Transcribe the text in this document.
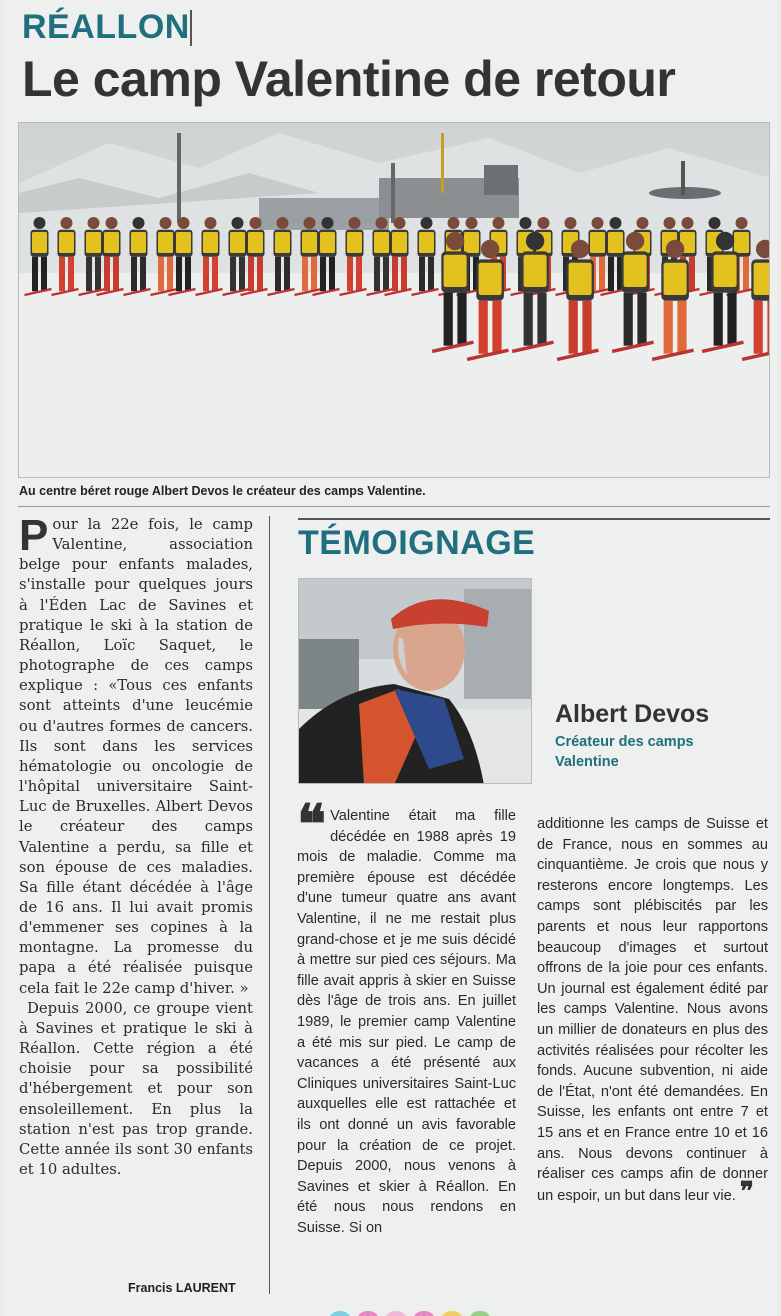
RÉALLON
Le camp Valentine de retour
Au centre béret rouge Albert Devos le créateur des camps Valentine.

Pour la 22e fois, le camp Valentine, association belge pour enfants malades, s'installe pour quelques jours à l'Éden Lac de Savines et pratique le ski à la station de Réallon, Loïc Saquet, le photographe de ces camps explique : «Tous ces enfants sont atteints d'une leucémie ou d'autres formes de cancers. Ils sont dans les services hématologie ou oncologie de l'hôpital universitaire Saint-Luc de Bruxelles. Albert Devos le créateur des camps Valentine a perdu, sa fille et son épouse de ces maladies. Sa fille étant décédée à l'âge de 16 ans. Il lui avait promis d'emmener ses copines à la montagne. La promesse du papa a été réalisée puisque cela fait le 22e camp d'hiver. »

Depuis 2000, ce groupe vient à Savines et pratique le ski à Réallon. Cette région a été choisie pour sa possibilité d'hébergement et pour son ensoleillement. En plus la station n'est pas trop grande. Cette année ils sont 30 enfants et 10 adultes.

Francis LAURENT
TÉMOIGNAGE
Albert Devos
Créateur des camps Valentine

❝ Valentine était ma fille décédée en 1988 après 19 mois de maladie. Comme ma première épouse est décédée d'une tumeur quatre ans avant Valentine, il ne me restait plus grand-chose et je me suis décidé à mettre sur pied ces séjours. Ma fille avait appris à skier en Suisse dès l'âge de trois ans. En juillet 1989, le premier camp Valentine a été mis sur pied. Le camp de vacances a été présenté aux Cliniques universitaires Saint-Luc auxquelles elle est rattachée et ils ont donné un avis favorable pour la création de ce projet. Depuis 2000, nous venons à Savines et skier à Réallon. En été nous nous rendons en Suisse. Si on

additionne les camps de Suisse et de France, nous en sommes au cinquantième. Je crois que nous y resterons encore longtemps. Les camps sont plébiscités par les parents et nous leur rapportons beaucoup d'images et surtout offrons de la joie pour ces enfants. Un journal est également édité par les camps Valentine. Nous avons un millier de donateurs en plus des activités réalisées pour récolter les fonds. Aucune subvention, ni aide de l'État, n'ont été demandées. En Suisse, les enfants ont entre 7 et 15 ans et en France entre 10 et 16 ans. Nous devons continuer à réaliser ces camps afin de donner un espoir, un but dans leur vie. ❞
